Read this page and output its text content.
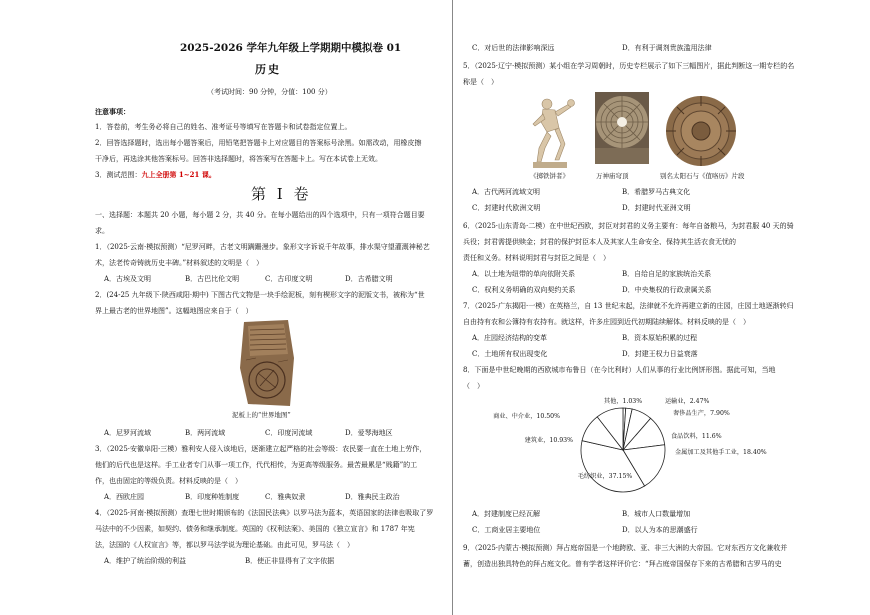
2025-2026 学年九年级上学期期中模拟卷 01
历史
（考试时间：90 分钟，分值：100 分）
注意事项：
1．答卷前，考生务必将自己的姓名、准考证号等填写在答题卡和试卷指定位置上。
2．回答选择题时，选出每小题答案后，用铅笔把答题卡上对应题目的答案标号涂黑。如需改动，用橡皮擦
干净后，再选涂其他答案标号。回答非选择题时，将答案写在答题卡上。写在本试卷上无效。
3．测试范围：九上全册第 1~21 课。
第 I 卷
一、选择题：本题共 20 小题，每小题 2 分，共 40 分。在每小题给出的四个选项中，只有一项符合题目要
求。
1．（2025·云南·模拟预测）“尼罗河畔，古老文明蹒跚漫步。象形文字诉说千年故事，排水渠守望灌溉神秘艺
术，法老传奇铸就历史丰碑。”材料叙述的文明是（　）
A．古埃及文明	B．古巴比伦文明	C．古印度文明	D．古希腊文明
2．(24-25 九年级下·陕西咸阳·期中) 下图古代文物是一块手绘泥板，刻有楔形文字的泥版文书，被称为“世
界上最古老的世界地图”。这幅地图应来自于（　）
泥板上的“世界地图”
A．尼罗河流域	B．两河流域	C．印度河流域	D．爱琴海地区
3．（2025·安徽阜阳·三模）雅利安人侵入该地后，逐渐建立起严格的社会等级：农民要一直在土地上劳作，
他们的后代也是这样。手工业者专门从事一项工作，代代相传，为更高等级服务。最苦最累是“贱籍”的工
作，也由固定的等级负责。材料反映的是（　）
A．西欧庄园	B．印度种姓制度	C．雅典奴隶	D．雅典民主政治
4．（2025·河南·模拟预测）查理七世时期颁布的《法国民法典》以罗马法为蓝本，英语国家的法律也吸取了罗
马法中的不少因素，如契约、债务和继承制度。英国的《权利法案》、美国的《独立宣言》和 1787 年宪
法，法国的《人权宣言》等，都以罗马法学说为理论基础。由此可见，罗马法（　）
A．维护了统治阶级的利益	B．使正非显得有了文字依据
C．对后世的法律影响深远	D．有利于调剂贵族滥用法律
5．（2025·辽宁·模拟预测）某小组在学习周朝时，历史专栏展示了如下三幅图片，据此判断这一期专栏的名
称是（　）
《掷铁饼者》	万神庙穹顶	别名太阳石与《值咯历》片段
A．古代两河流域文明	B．希腊罗马古典文化
C．封建时代欧洲文明	D．封建时代亚洲文明
6．（2025·山东青岛·二模）在中世纪西欧，封臣对封君的义务主要有：每年自备粮马，为封君服 40 天的骑
兵役；封君需提供赎金；封君的保护封臣本人及其家人生命安全、保持其生活衣食无忧的
责任和义务。材料说明封君与封臣之间是（　）
A．以土地为纽带的单向依附关系	B．自给自足的家族统治关系
C．权利义务明确的双向契约关系	D．中央集权的行政隶属关系
7．（2025·广东揭阳·一模）在英格兰，自 13 世纪末起，法律就不允许再建立新的庄园，庄园土地逐渐转归
自由持有农和公簿持有农持有。就这样，许多庄园到近代初期陆续解体。材料反映的是（　）
A．庄园经济结构的变革	B．资本原始积累的过程
C．土地所有权出现变化	D．封建王权力日益衰落
8．下面是中世纪晚期的西欧城市布鲁日（在今比利时）人们从事的行业比例饼形图。据此可知，当地
（　）
其他，1.03%	运输业，2.47%
奢侈品生产，7.90%
食品饮料，11.6%
金属加工及其他手工业，18.40%
毛纺织业，37.15%
建筑业，10.93%
商业、中介业，10.50%
A．封建制度已经瓦解	B．城市人口数量增加
C．工商业居主要地位	D．以人为本的思潮盛行
9．（2025·内蒙古·模拟预测）拜占庭帝国是一个地跨欧、亚、非三大洲的大帝国。它对东西方文化兼收并
蓄，创造出独具特色的拜占庭文化。曾有学者这样评价它：“拜占庭帝国保存下来的古希腊和古罗马的史
